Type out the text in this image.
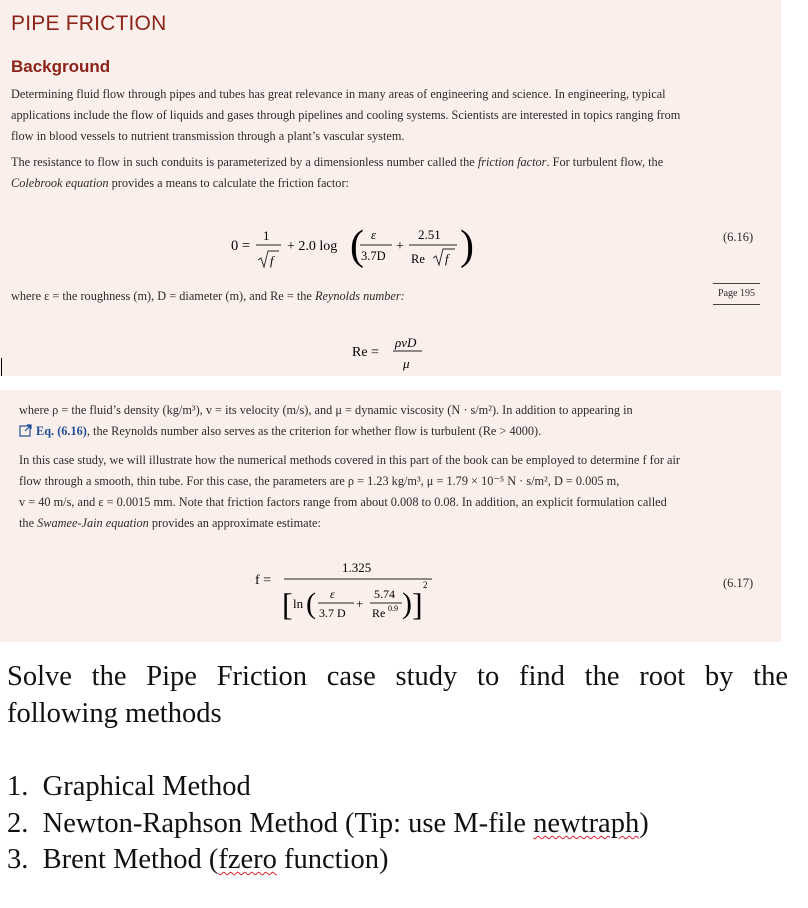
PIPE FRICTION
Background
Determining fluid flow through pipes and tubes has great relevance in many areas of engineering and science. In engineering, typical
applications include the flow of liquids and gases through pipelines and cooling systems. Scientists are interested in topics ranging from
flow in blood vessels to nutrient transmission through a plant’s vascular system.
The resistance to flow in such conduits is parameterized by a dimensionless number called the friction factor. For turbulent flow, the
Colebrook equation provides a means to calculate the friction factor:
0 =
1
f
+ 2.0 log ( ε
3.7D
+
2.51
Re f )	(6.16)
Page 195
where ε = the roughness (m), D = diameter (m), and Re = the Reynolds number:
Re =
ρvD
μ
where ρ = the fluid’s density (kg/m³), v = its velocity (m/s), and μ = dynamic viscosity (N · s/m²). In addition to appearing in
Eq. (6.16), the Reynolds number also serves as the criterion for whether flow is turbulent (Re > 4000).
In this case study, we will illustrate how the numerical methods covered in this part of the book can be employed to determine f for air
flow through a smooth, thin tube. For this case, the parameters are ρ = 1.23 kg/m³, μ = 1.79 × 10⁻⁵ N · s/m², D = 0.005 m,
v = 40 m/s, and ε = 0.0015 mm. Note that friction factors range from about 0.008 to 0.08. In addition, an explicit formulation called
the Swamee-Jain equation provides an approximate estimate:
f =
1.325
[ ln ( ε
3.7 D
+
5.74
Re 0.9 ) ]
2	(6.17)
Solve the Pipe Friction case study to find the root by the
following methods
1. Graphical Method
2. Newton-Raphson Method (Tip: use M-file newtraph)
3. Brent Method (fzero function)
